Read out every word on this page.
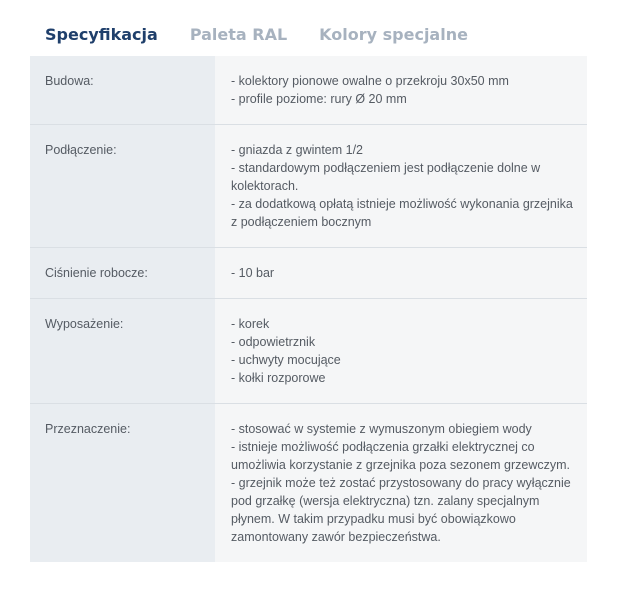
Specyfikacja Paleta RAL Kolory specjalne
Budowa:	- kolektory pionowe owalne o przekroju 30x50 mm
- profile poziome: rury Ø 20 mm

Podłączenie:	- gniazda z gwintem 1/2
- standardowym podłączeniem jest podłączenie dolne w kolektorach.
- za dodatkową opłatą istnieje możliwość wykonania grzejnika z podłączeniem bocznym

Ciśnienie robocze:	- 10 bar

Wyposażenie:	- korek
- odpowietrznik
- uchwyty mocujące
- kołki rozporowe

Przeznaczenie:	- stosować w systemie z wymuszonym obiegiem wody
- istnieje możliwość podłączenia grzałki elektrycznej co umożliwia korzystanie z grzejnika poza sezonem grzewczym.
- grzejnik może też zostać przystosowany do pracy wyłącznie pod grzałkę (wersja elektryczna) tzn. zalany specjalnym płynem. W takim przypadku musi być obowiązkowo zamontowany zawór bezpieczeństwa.
